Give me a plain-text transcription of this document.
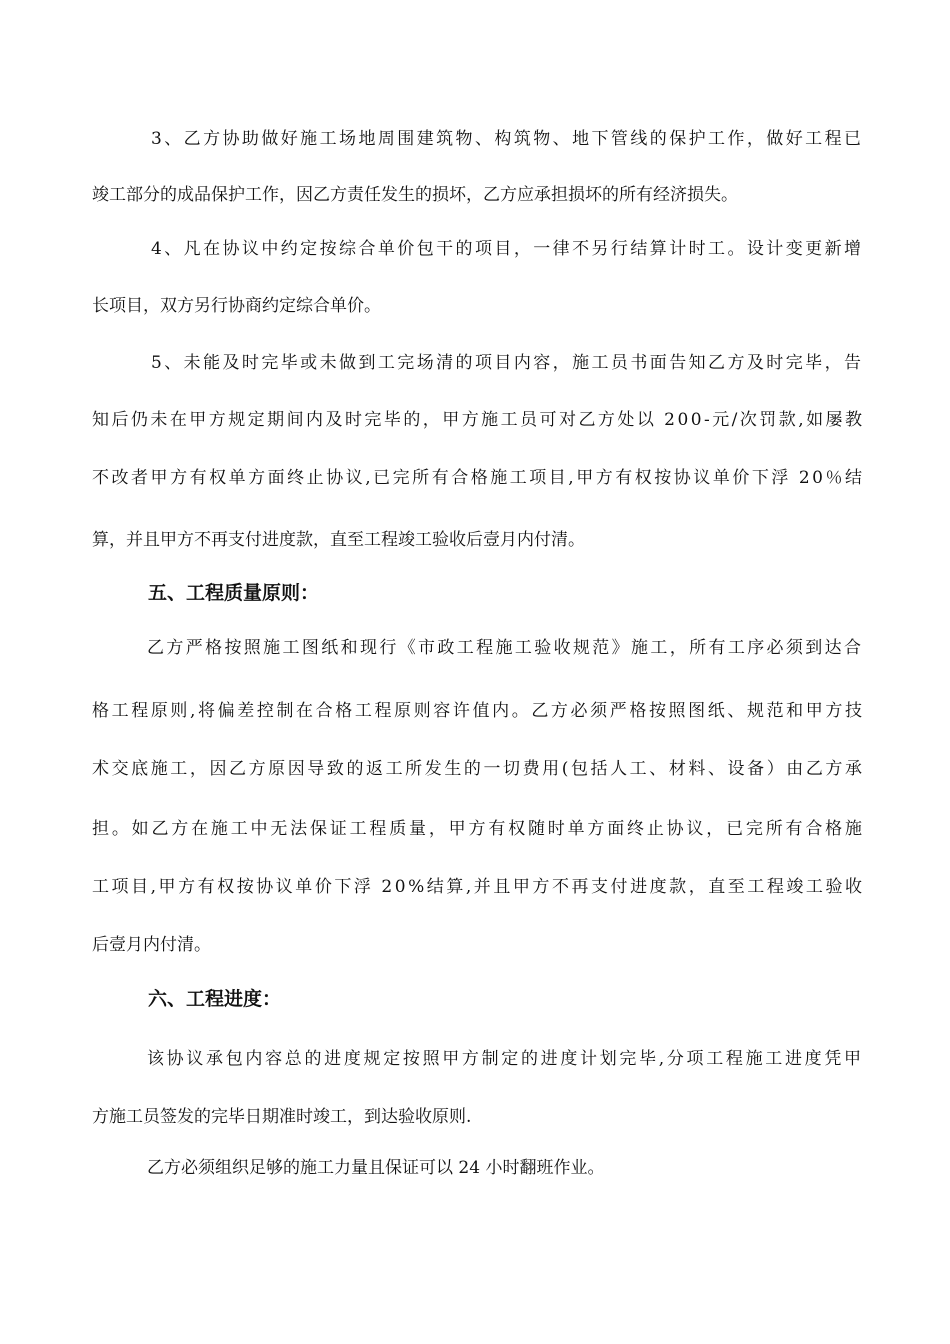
3、乙方协助做好施工场地周围建筑物、构筑物、地下管线的保护工作，做好工程已
竣工部分的成品保护工作，因乙方责任发生的损坏，乙方应承担损坏的所有经济损失。
4、凡在协议中约定按综合单价包干的项目，一律不另行结算计时工。设计变更新增
长项目，双方另行协商约定综合单价。
5、未能及时完毕或未做到工完场清的项目内容，施工员书面告知乙方及时完毕，告
知后仍未在甲方规定期间内及时完毕的，甲方施工员可对乙方处以 200-元/次罚款,如屡教
不改者甲方有权单方面终止协议,已完所有合格施工项目,甲方有权按协议单价下浮 20％结
算，并且甲方不再支付进度款，直至工程竣工验收后壹月内付清。
五、工程质量原则：
乙方严格按照施工图纸和现行《市政工程施工验收规范》施工，所有工序必须到达合
格工程原则,将偏差控制在合格工程原则容许值内。乙方必须严格按照图纸、规范和甲方技
术交底施工，因乙方原因导致的返工所发生的一切费用(包括人工、材料、设备）由乙方承
担。如乙方在施工中无法保证工程质量，甲方有权随时单方面终止协议，已完所有合格施
工项目,甲方有权按协议单价下浮 20%结算,并且甲方不再支付进度款，直至工程竣工验收
后壹月内付清。
六、工程进度：
该协议承包内容总的进度规定按照甲方制定的进度计划完毕,分项工程施工进度凭甲
方施工员签发的完毕日期准时竣工，到达验收原则.
乙方必须组织足够的施工力量且保证可以 24 小时翻班作业。
